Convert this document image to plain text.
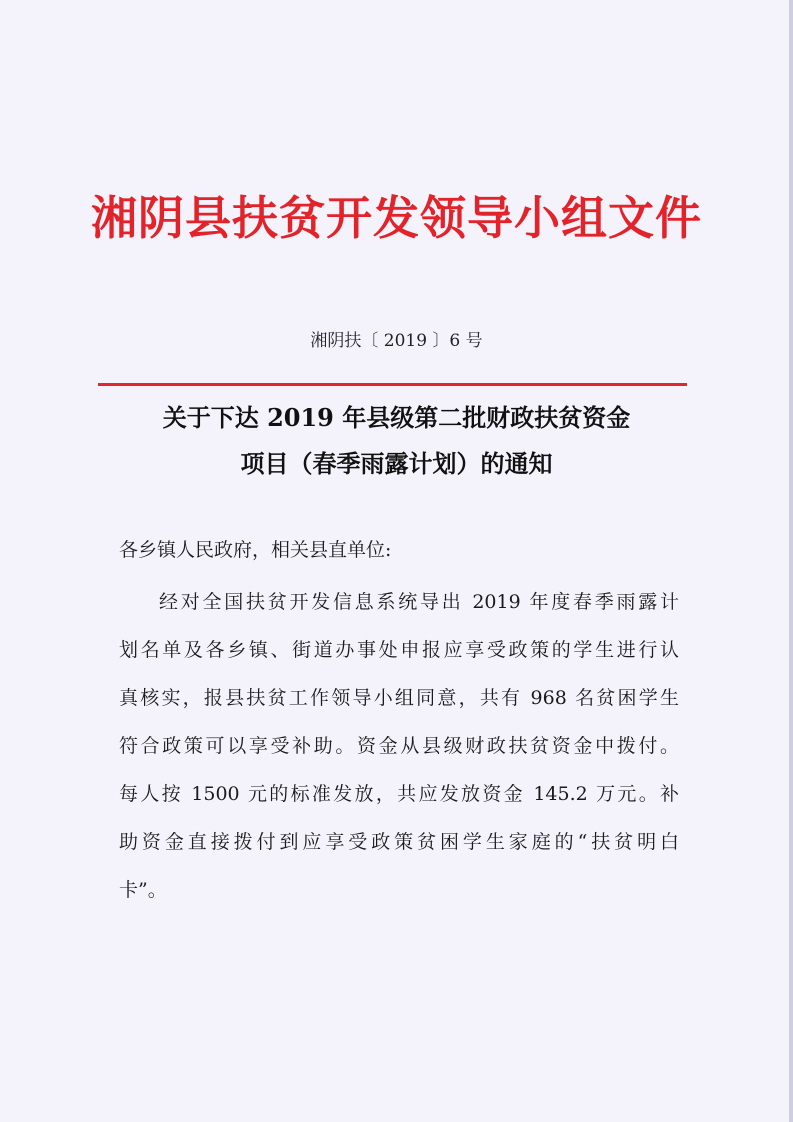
湘阴县扶贫开发领导小组文件
湘阴扶〔 2019 〕6 号
关于下达 2019 年县级第二批财政扶贫资金
项目（春季雨露计划）的通知
各乡镇人民政府，相关县直单位:
经对全国扶贫开发信息系统导出 2019 年度春季雨露计
划名单及各乡镇、街道办事处申报应享受政策的学生进行认
真核实，报县扶贫工作领导小组同意，共有 968 名贫困学生
符合政策可以享受补助。资金从县级财政扶贫资金中拨付。
每人按 1500 元的标准发放，共应发放资金 145.2 万元。补
助资金直接拨付到应享受政策贫困学生家庭的“扶贫明白
卡”。
